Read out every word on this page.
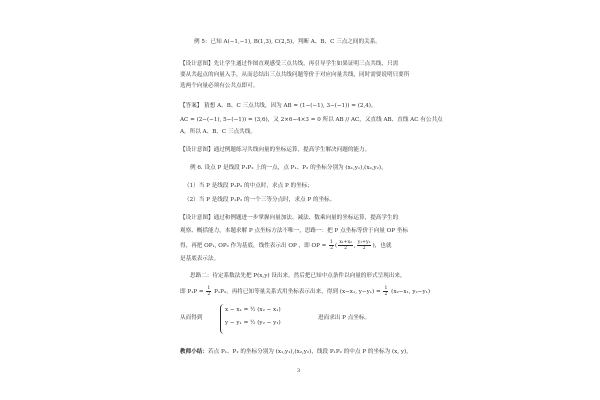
例 5：已知 A(−1,−1), B(1,3), C(2,5)，判断 A、B、C 三点之间的关系。
【设计意图】先让学生通过作图直观感受三点共线，再引导学生如果证明三点共线，只需
要从共起点的向量入手，从而总结出三点共线问题等价于对应向量共线，同时需要说明只要所
选两个向量必须有公共点即可。
【答案】 猜想 A、B、C 三点共线，因为 AB = (1−(−1), 3−(−1)) = (2,4)，
AC = (2−(−1), 5−(−1)) = (3,6)，又 2×6−4×3 = 0 所以 AB // AC，又直线 AB、直线 AC 有公共点
A，所以 A、B、C 三点共线。
【设计意图】通过例题练习共线向量的坐标运算，提高学生解决问题的能力。
例 6. 设点 P 是线段 P₁P₂ 上的一点，点 P₁、P₂ 的坐标分别为 (x₁,y₁),(x₂,y₂)。
（1）当 P 是线段 P₁P₂ 的中点时，求点 P 的坐标；
（2）当 P 是线段 P₁P₂ 的一个三等分点时，求点 P 的坐标。
【设计意图】通过和例题进一步掌握向量加法、减法、数乘向量的坐标运算，提高学生的
观察、概括能力，本题求解 P 点坐标方法不唯一，思路一：把 P 点坐标等价于向量 OP 坐标
得，再把 OP₁, OP₂ 作为基底，线性表示出 OP ，即 OP = $\frac{1}{2}$ ( $\frac{\text{x₁+x₂}}{2}$ , $\frac{\text{y₁+y₂}}{2}$ )，也就
是基底表示法。
思路二：待定系数法先把 P(x,y) 设出来，然后把已知中点条件以向量的形式呈现出来，
即 $P_1P = \frac{1}{2} P_1P_2$，再将已知等量关系式用坐标表示出来，得到 (x−x₁, $y-y_1) = \frac{1}{2} (x_2-x_1$, y₂−y₁)
从而得到
x − x₁ = ½ (x₂ − x₁)
y − y₁ = ½ (y₂ − y₁)
进而求出 P 点坐标。
教师小结：若点 P₁、P₂ 的坐标分别为 (x₁,y₁),(x₂,y₂)，线段 P₁P₂ 的中点 P 的坐标为 (x, y)，
3
